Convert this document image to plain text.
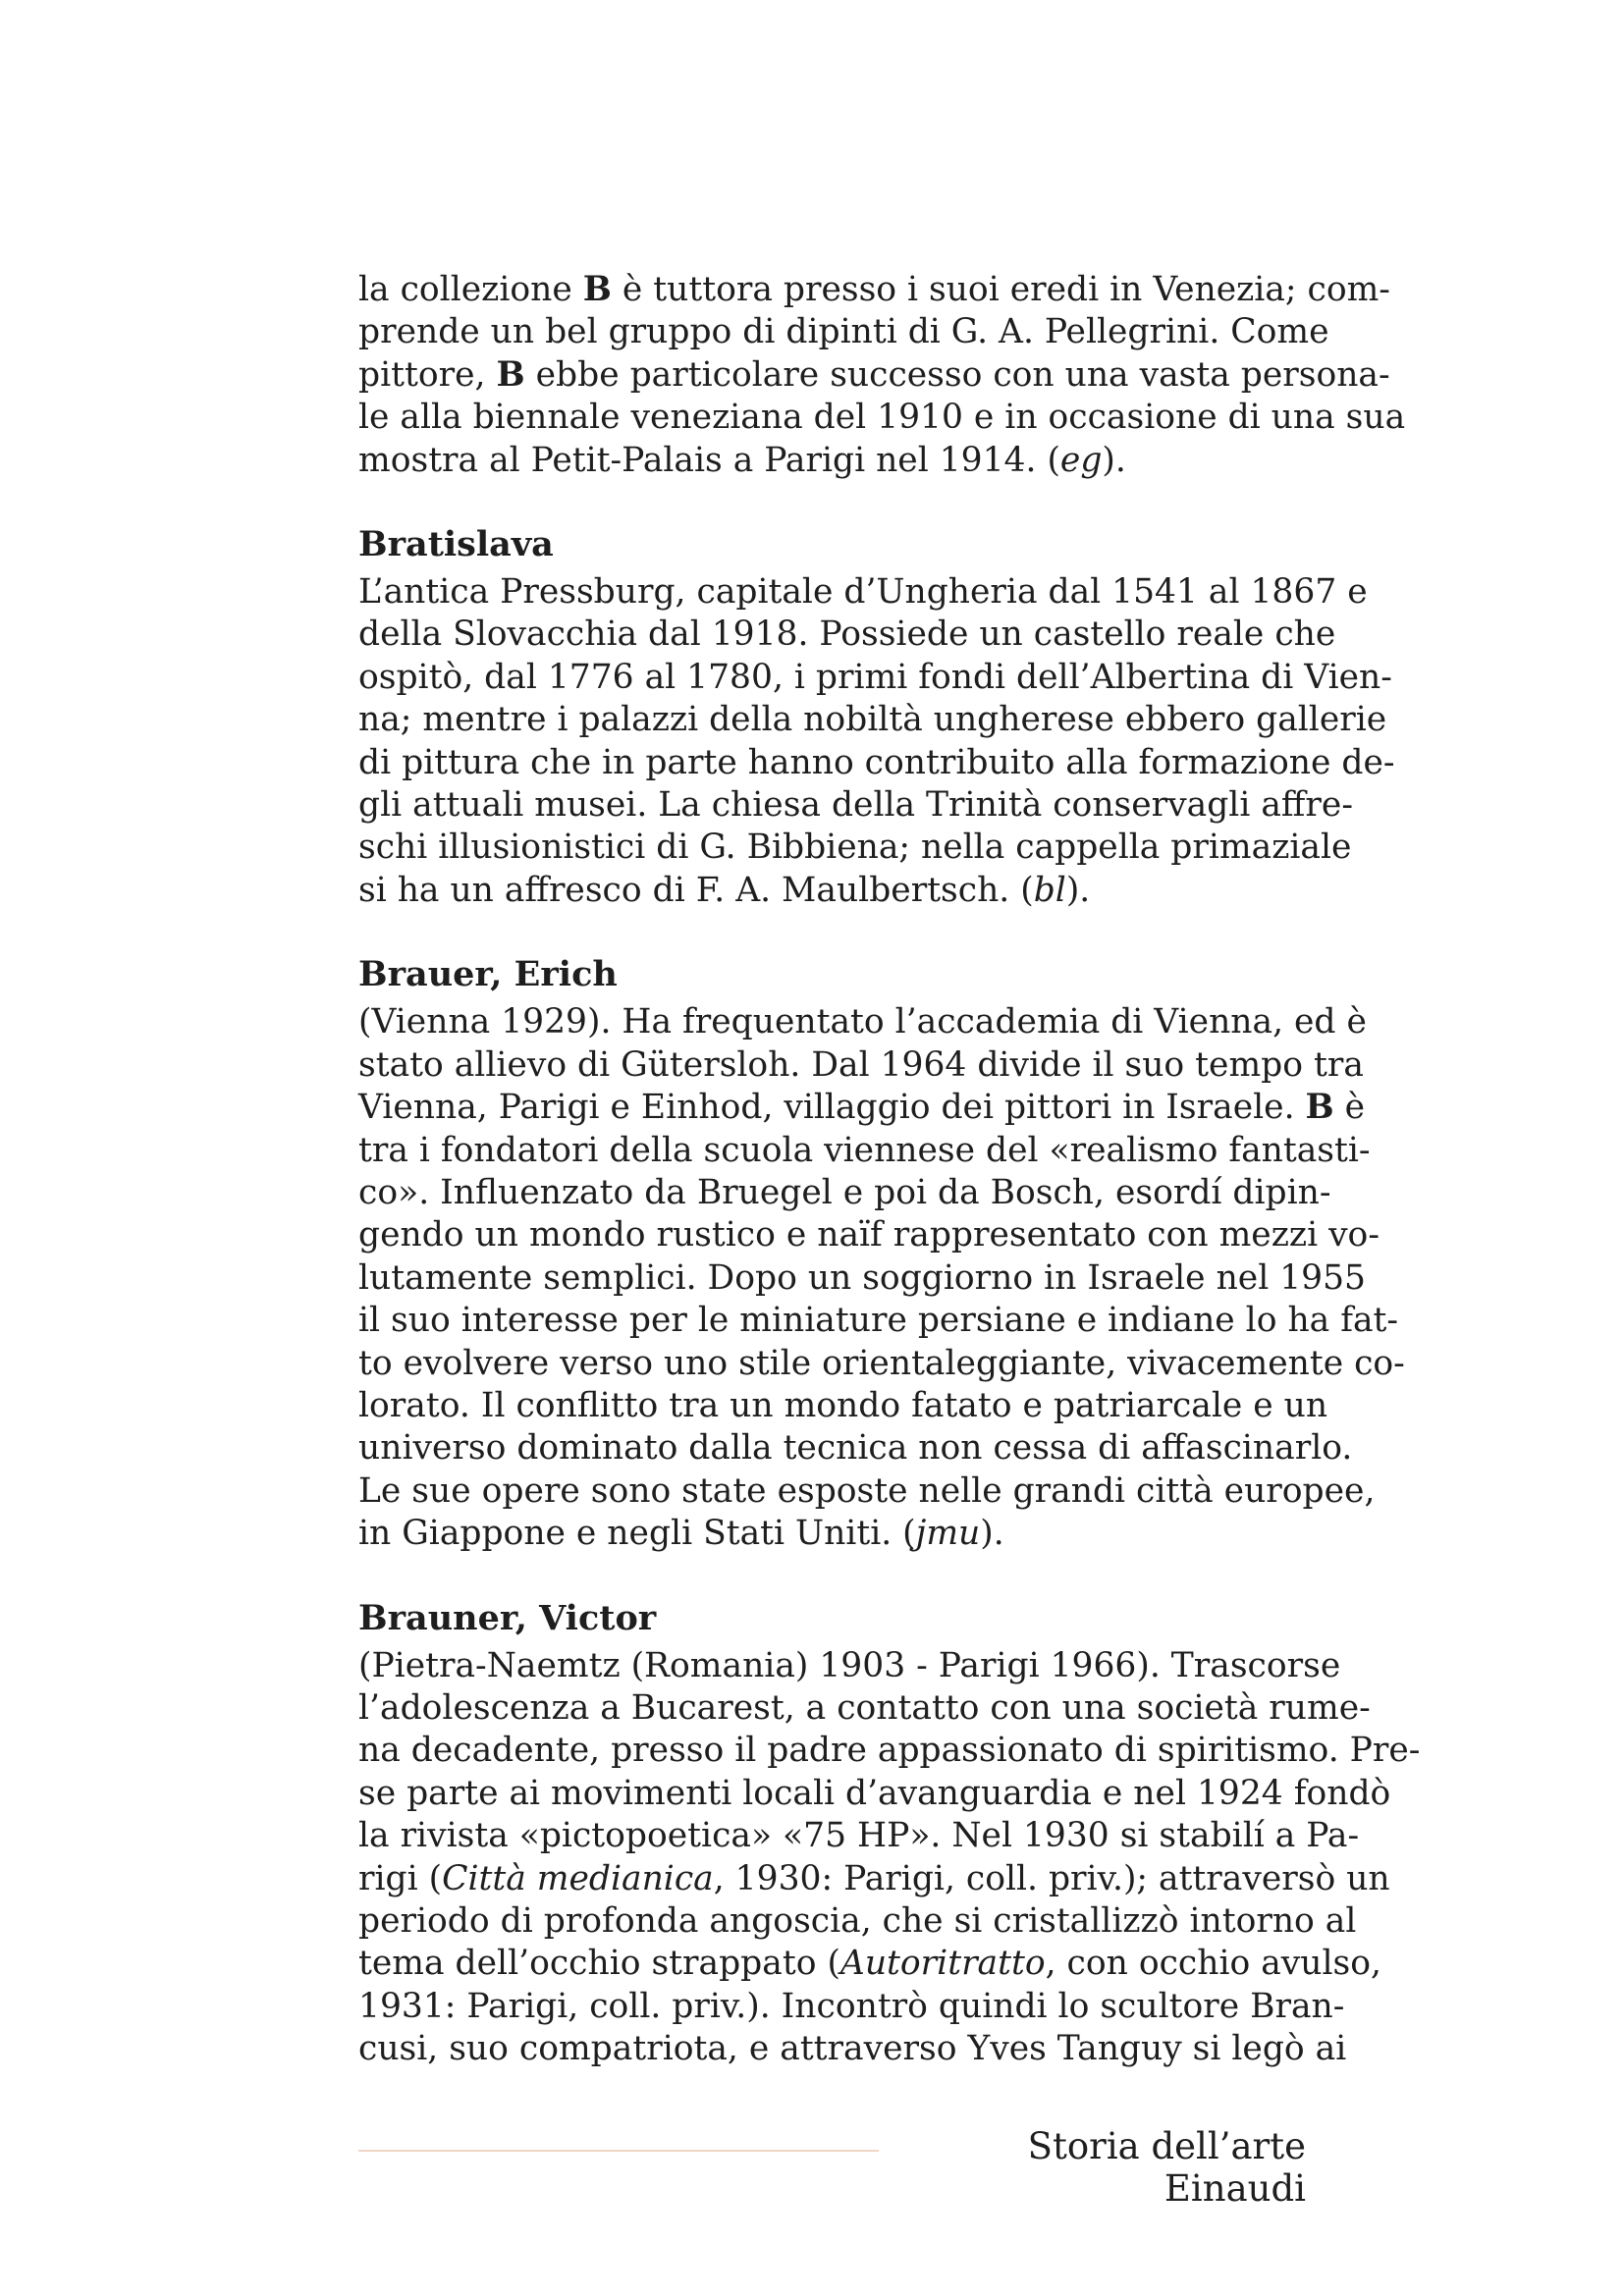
la collezione B è tuttora presso i suoi eredi in Venezia; com-
prende un bel gruppo di dipinti di G. A. Pellegrini. Come
pittore, B ebbe particolare successo con una vasta persona-
le alla biennale veneziana del 1910 e in occasione di una sua
mostra al Petit-Palais a Parigi nel 1914. (eg).
Bratislava
L’antica Pressburg, capitale d’Ungheria dal 1541 al 1867 e
della Slovacchia dal 1918. Possiede un castello reale che
ospitò, dal 1776 al 1780, i primi fondi dell’Albertina di Vien-
na; mentre i palazzi della nobiltà ungherese ebbero gallerie
di pittura che in parte hanno contribuito alla formazione de-
gli attuali musei. La chiesa della Trinità conservagli affre-
schi illusionistici di G. Bibbiena; nella cappella primaziale
si ha un affresco di F. A. Maulbertsch. (bl).
Brauer, Erich
(Vienna 1929). Ha frequentato l’accademia di Vienna, ed è
stato allievo di Gütersloh. Dal 1964 divide il suo tempo tra
Vienna, Parigi e Einhod, villaggio dei pittori in Israele. B è
tra i fondatori della scuola viennese del «realismo fantasti-
co». Influenzato da Bruegel e poi da Bosch, esordí dipin-
gendo un mondo rustico e naïf rappresentato con mezzi vo-
lutamente semplici. Dopo un soggiorno in Israele nel 1955
il suo interesse per le miniature persiane e indiane lo ha fat-
to evolvere verso uno stile orientaleggiante, vivacemente co-
lorato. Il conflitto tra un mondo fatato e patriarcale e un
universo dominato dalla tecnica non cessa di affascinarlo.
Le sue opere sono state esposte nelle grandi città europee,
in Giappone e negli Stati Uniti. (jmu).
Brauner, Victor
(Pietra-Naemtz (Romania) 1903 - Parigi 1966). Trascorse
l’adolescenza a Bucarest, a contatto con una società rume-
na decadente, presso il padre appassionato di spiritismo. Pre-
se parte ai movimenti locali d’avanguardia e nel 1924 fondò
la rivista «pictopoetica» «75 HP». Nel 1930 si stabilí a Pa-
rigi (Città medianica, 1930: Parigi, coll. priv.); attraversò un
periodo di profonda angoscia, che si cristallizzò intorno al
tema dell’occhio strappato (Autoritratto, con occhio avulso,
1931: Parigi, coll. priv.). Incontrò quindi lo scultore Bran-
cusi, suo compatriota, e attraverso Yves Tanguy si legò ai
Storia dell’arte Einaudi
